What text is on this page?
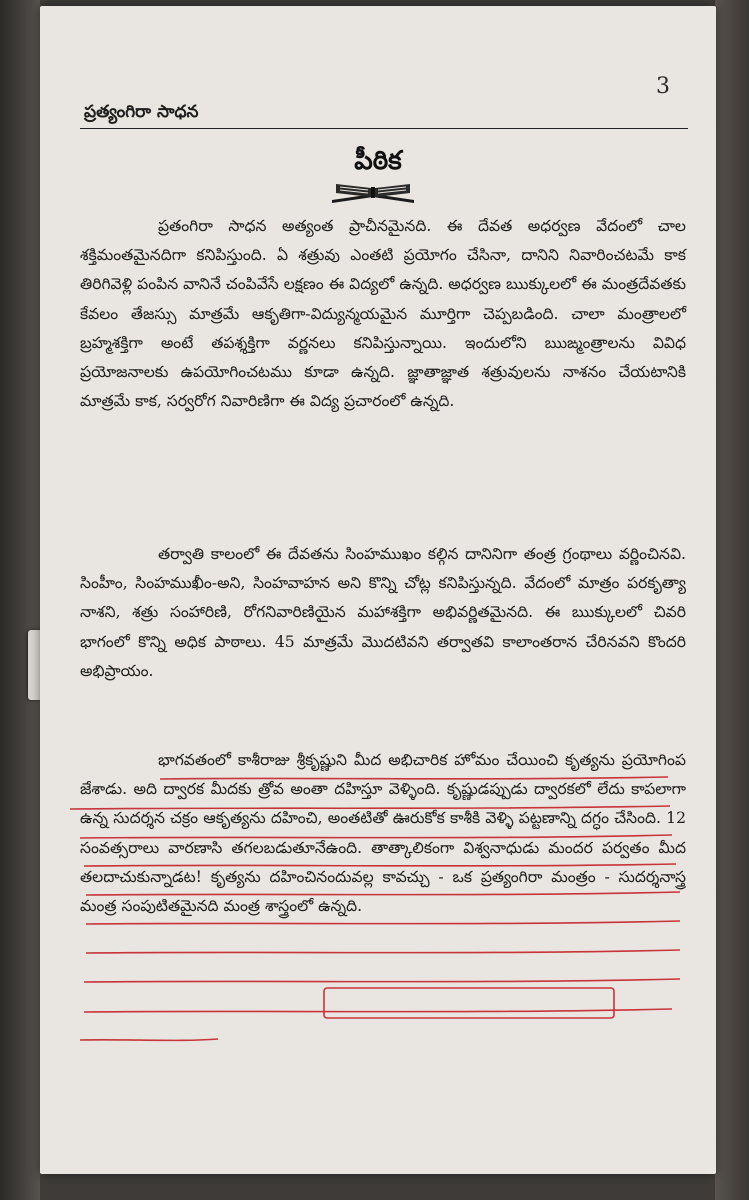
3
ప్రత్యంగిరా సాధన
పీఠిక

ప్రతంగిరా సాధన అత్యంత ప్రాచీనమైనది. ఈ దేవత అధర్వణ వేదంలో చాల శక్తిమంతమైనదిగా కనిపిస్తుంది. ఏ శత్రువు ఎంతటి ప్రయోగం చేసినా, దానిని నివారించటమే కాక తిరిగివెళ్లి పంపిన వానినే చంపివేసే లక్షణం ఈ విద్యలో ఉన్నది. అధర్వణ ఋక్కులలో ఈ మంత్రదేవతకు కేవలం తేజస్సు మాత్రమే ఆకృతిగా-విద్యున్మయమైన మూర్తిగా చెప్పబడింది. చాలా మంత్రాలలో బ్రహ్మశక్తిగా అంటే తపశ్శక్తిగా వర్ణనలు కనిపిస్తున్నాయి. ఇందులోని ఋఙ్మంత్రాలను వివిధ ప్రయోజనాలకు ఉపయోగించటము కూడా ఉన్నది. జ్ఞాతాజ్ఞాత శత్రువులను నాశనం చేయటానికి మాత్రమే కాక, సర్వరోగ నివారిణిగా ఈ విద్య ప్రచారంలో ఉన్నది.

తర్వాతి కాలంలో ఈ దేవతను సింహముఖం కల్గిన దానినిగా తంత్ర గ్రంథాలు వర్ణించినవి. సింహీం, సింహముఖీం-అని, సింహవాహన అని కొన్ని చోట్ల కనిపిస్తున్నది. వేదంలో మాత్రం పరకృత్యా నాశని, శత్రు సంహారిణి, రోగనివారిణియైన మహాశక్తిగా అభివర్ణితమైనది. ఈ ఋక్కులలో చివరి భాగంలో కొన్ని అధిక పాఠాలు. 45 మాత్రమే మొదటివని తర్వాతవి కాలాంతరాన చేరినవని కొందరి అభిప్రాయం.

భాగవతంలో కాశీరాజు శ్రీకృష్ణుని మీద అభిచారిక హోమం చేయించి కృత్యను ప్రయోగింప జేశాడు. అది ద్వారక మీదకు త్రోవ అంతా దహిస్తూ వెళ్ళింది. కృష్ణుడప్పుడు ద్వారకలో లేదు కాపలాగా ఉన్న సుదర్శన చక్రం ఆకృత్యను దహించి, అంతటితో ఊరుకోక కాశీకి వెళ్ళి పట్టణాన్ని దగ్ధం చేసింది. 12 సంవత్సరాలు వారణాసి తగలబడుతూనేఉంది. తాత్కాలికంగా విశ్వనాధుడు మందర పర్వతం మీద తలదాచుకున్నాడట! కృత్యను దహించినందువల్ల కావచ్చు - ఒక ప్రత్యంగిరా మంత్రం - సుదర్శనాస్త్ర మంత్ర సంపుటితమైనది మంత్ర శాస్త్రంలో ఉన్నది.
